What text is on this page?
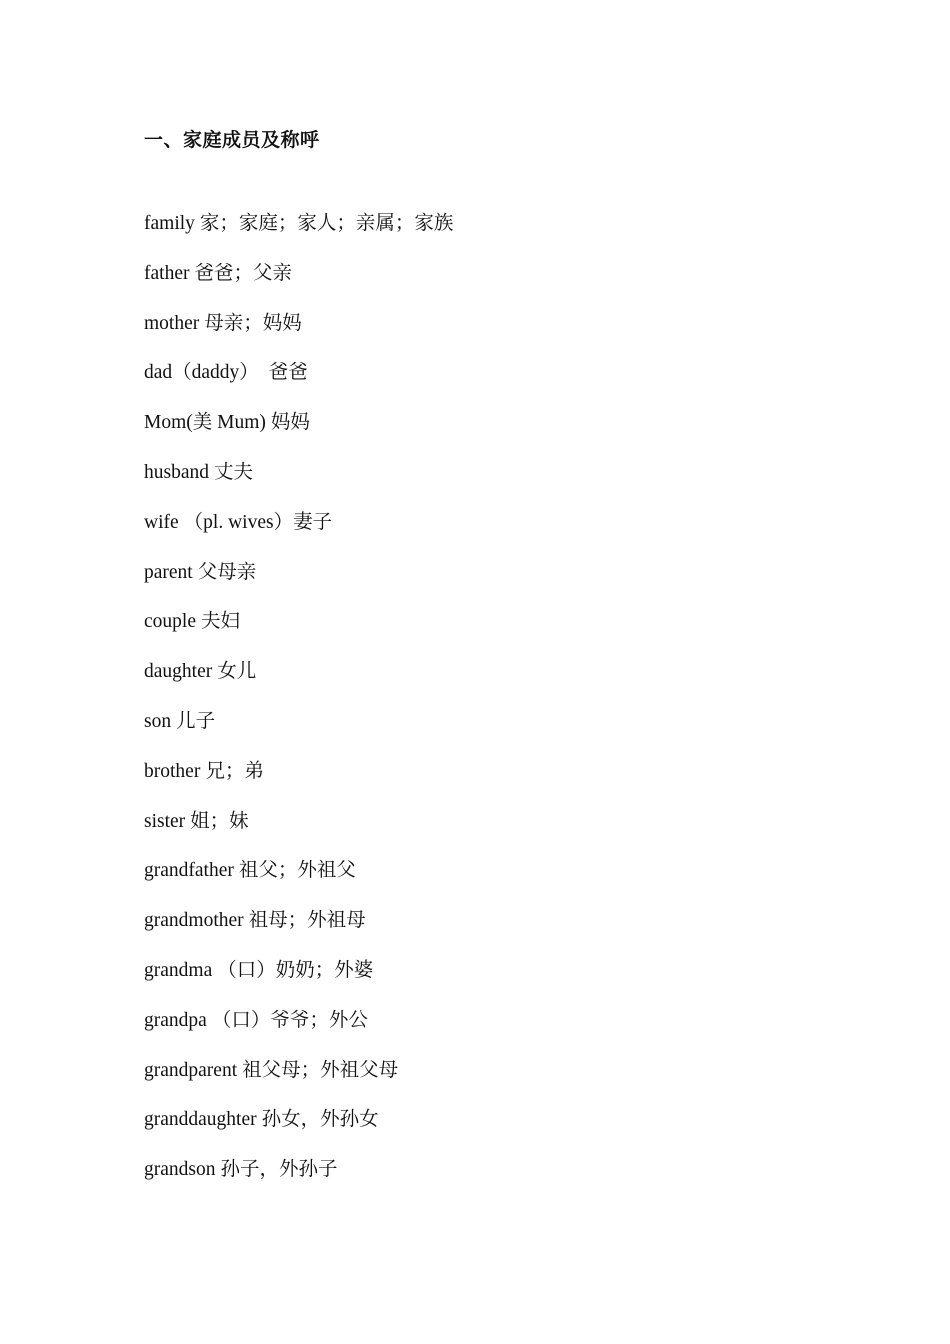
一、家庭成员及称呼
family 家；家庭；家人；亲属；家族
father 爸爸；父亲
mother 母亲；妈妈
dad（daddy） 爸爸
Mom(美 Mum) 妈妈
husband 丈夫
wife （pl. wives）妻子
parent 父母亲
couple 夫妇
daughter 女儿
son 儿子
brother 兄；弟
sister 姐；妹
grandfather 祖父；外祖父
grandmother 祖母；外祖母
grandma （口）奶奶；外婆
grandpa （口）爷爷；外公
grandparent 祖父母；外祖父母
granddaughter 孙女，外孙女
grandson 孙子，外孙子
